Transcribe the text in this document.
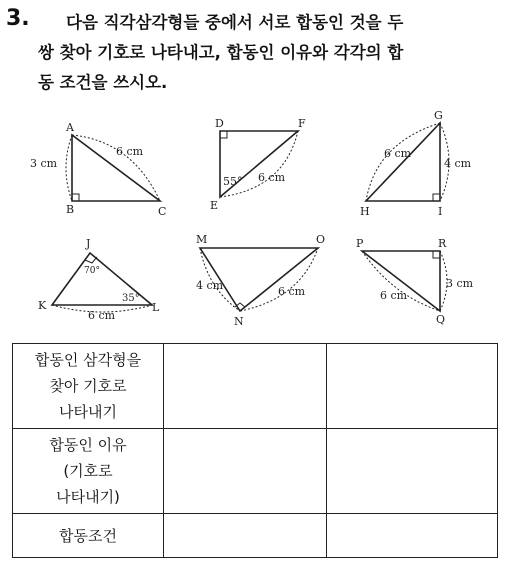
3. 다음 직각삼각형들 중에서 서로 합동인 것을 두
쌍 찾아 기호로 나타내고, 합동인 이유와 각각의 합
동 조건을 쓰시오.
A
B	C
3 cm
6 cm
D	F
E
55° 6 cm
G
H	I
4 cm
6 cm
J
K	L
70°
35°
6 cm
M	O
N
4 cm	6 cm
P	R
Q
3 cm
6 cm
합동인 삼각형을
찾아 기호로
나타내기		

합동인 이유
(기호로
나타내기)		

합동조건		
